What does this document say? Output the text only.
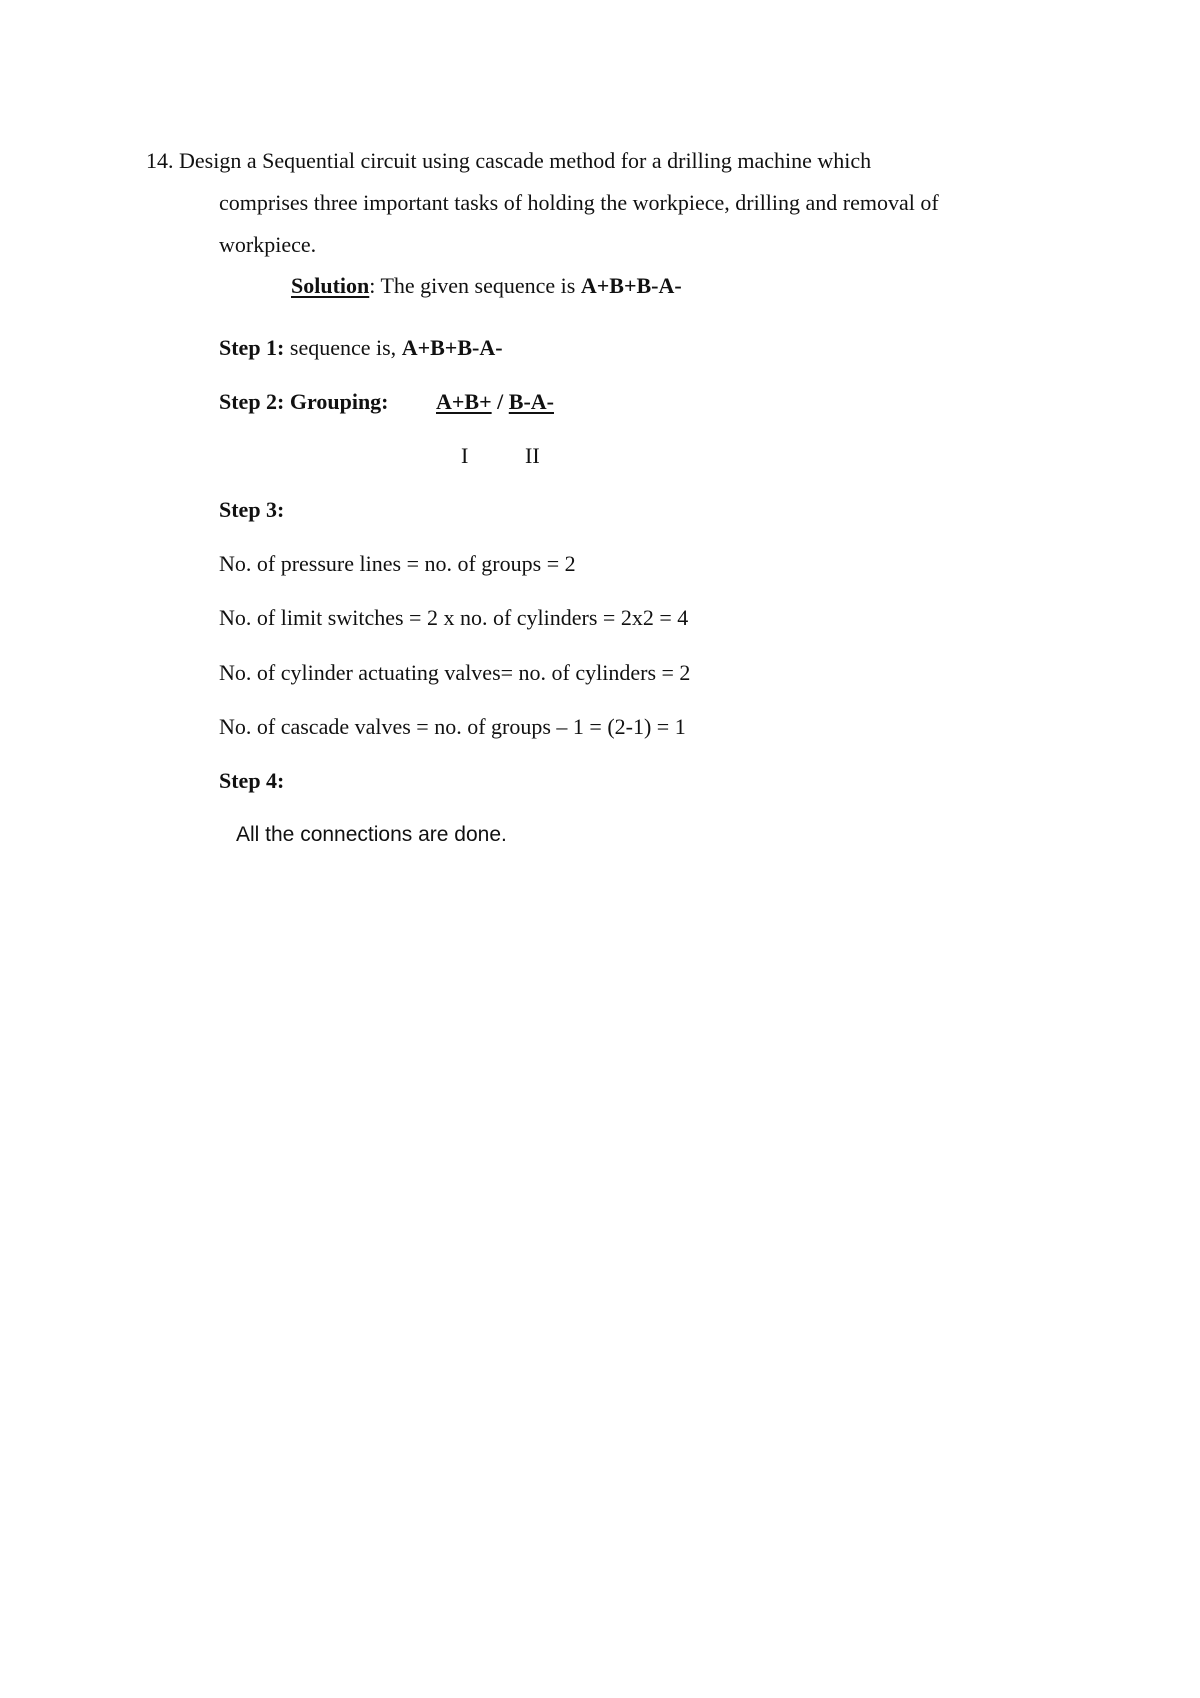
14. Design a Sequential circuit using cascade method for a drilling machine which
comprises three important tasks of holding the workpiece, drilling and removal of
workpiece.
Solution: The given sequence is A+B+B-A-
Step 1: sequence is, A+B+B-A-
Step 2: Grouping: A+B+ / B-A-
I	II
Step 3:
No. of pressure lines = no. of groups = 2
No. of limit switches = 2 x no. of cylinders = 2x2 = 4
No. of cylinder actuating valves= no. of cylinders = 2
No. of cascade valves = no. of groups – 1 = (2-1) = 1
Step 4:
All the connections are done.
